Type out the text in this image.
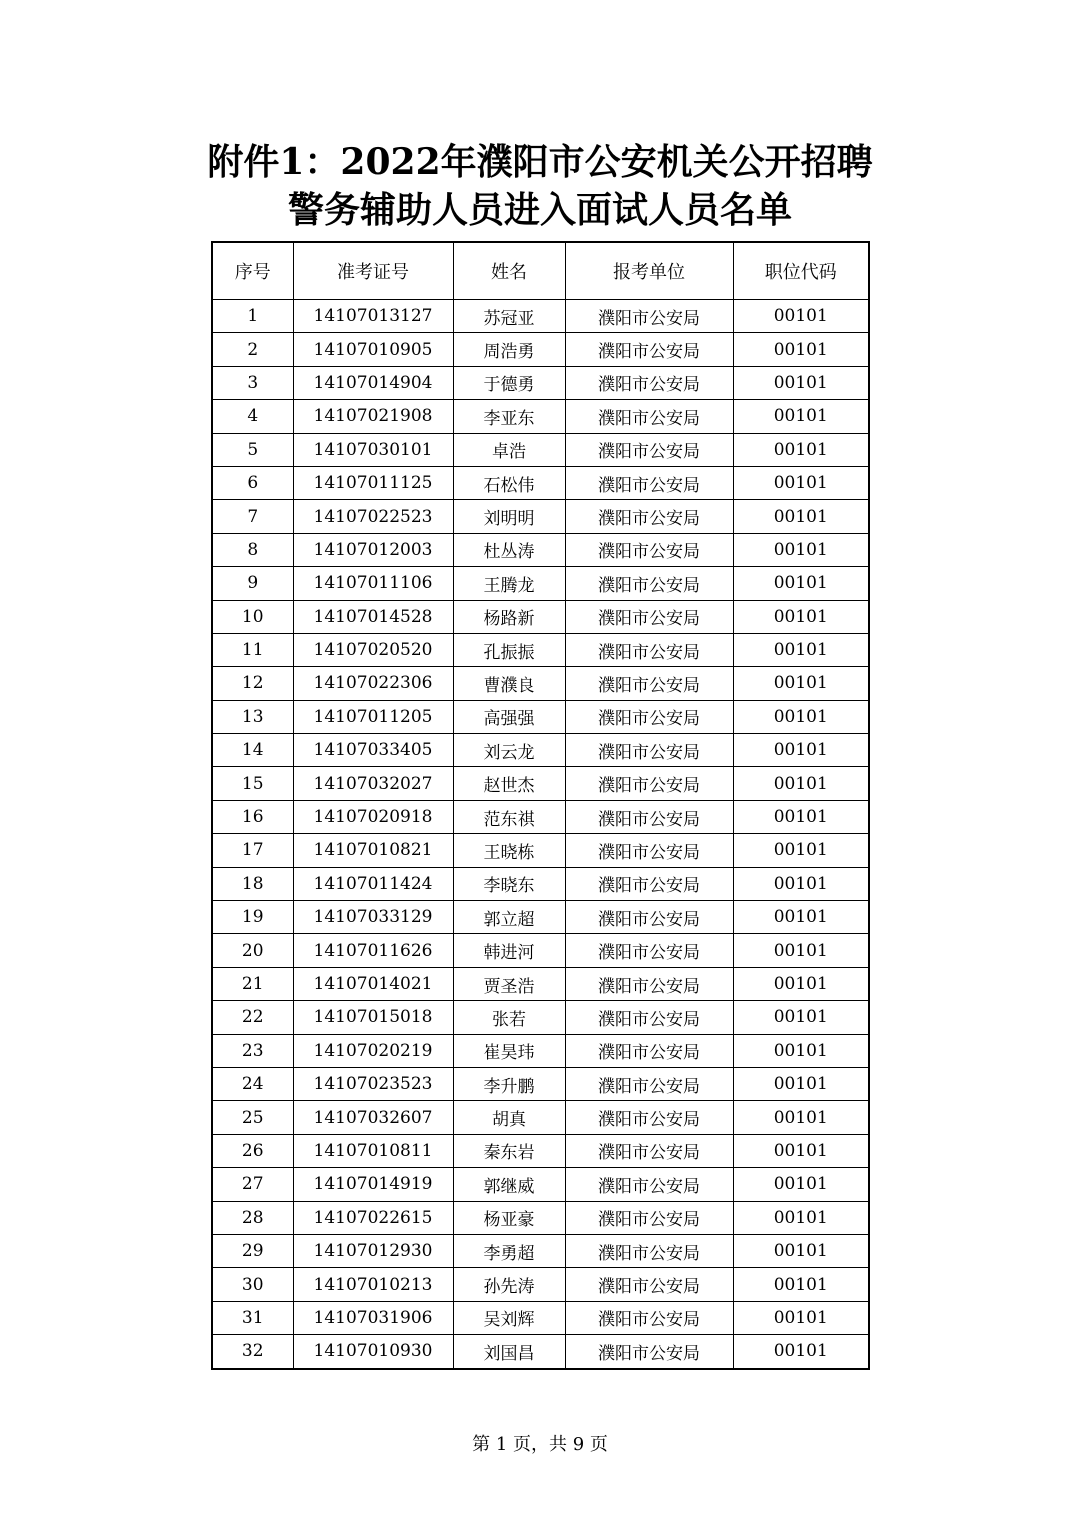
附件1：2022年濮阳市公安机关公开招聘
警务辅助人员进入面试人员名单
序号	准考证号	姓名	报考单位	职位代码
1	14107013127	苏冠亚	濮阳市公安局	00101
2	14107010905	周浩勇	濮阳市公安局	00101
3	14107014904	于德勇	濮阳市公安局	00101
4	14107021908	李亚东	濮阳市公安局	00101
5	14107030101	卓浩	濮阳市公安局	00101
6	14107011125	石松伟	濮阳市公安局	00101
7	14107022523	刘明明	濮阳市公安局	00101
8	14107012003	杜丛涛	濮阳市公安局	00101
9	14107011106	王腾龙	濮阳市公安局	00101
10	14107014528	杨路新	濮阳市公安局	00101
11	14107020520	孔振振	濮阳市公安局	00101
12	14107022306	曹濮良	濮阳市公安局	00101
13	14107011205	高强强	濮阳市公安局	00101
14	14107033405	刘云龙	濮阳市公安局	00101
15	14107032027	赵世杰	濮阳市公安局	00101
16	14107020918	范东祺	濮阳市公安局	00101
17	14107010821	王晓栋	濮阳市公安局	00101
18	14107011424	李晓东	濮阳市公安局	00101
19	14107033129	郭立超	濮阳市公安局	00101
20	14107011626	韩进河	濮阳市公安局	00101
21	14107014021	贾圣浩	濮阳市公安局	00101
22	14107015018	张若	濮阳市公安局	00101
23	14107020219	崔昊玮	濮阳市公安局	00101
24	14107023523	李升鹏	濮阳市公安局	00101
25	14107032607	胡真	濮阳市公安局	00101
26	14107010811	秦东岩	濮阳市公安局	00101
27	14107014919	郭继威	濮阳市公安局	00101
28	14107022615	杨亚豪	濮阳市公安局	00101
29	14107012930	李勇超	濮阳市公安局	00101
30	14107010213	孙先涛	濮阳市公安局	00101
31	14107031906	吴刘辉	濮阳市公安局	00101
32	14107010930	刘国昌	濮阳市公安局	00101
第 1 页，共 9 页
